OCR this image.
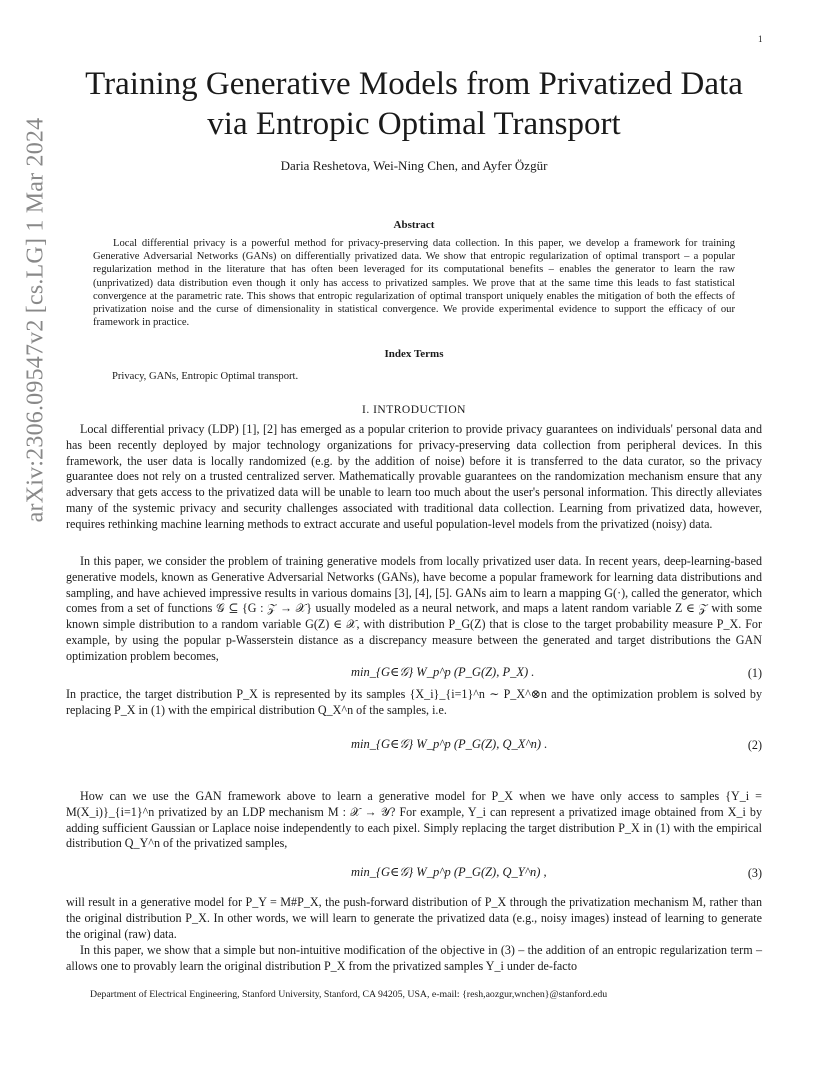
1
arXiv:2306.09547v2 [cs.LG] 1 Mar 2024
Training Generative Models from Privatized Data
via Entropic Optimal Transport
Daria Reshetova, Wei-Ning Chen, and Ayfer Özgür
Abstract
Local differential privacy is a powerful method for privacy-preserving data collection. In this paper, we develop a framework for training Generative Adversarial Networks (GANs) on differentially privatized data. We show that entropic regularization of optimal transport – a popular regularization method in the literature that has often been leveraged for its computational benefits – enables the generator to learn the raw (unprivatized) data distribution even though it only has access to privatized samples. We prove that at the same time this leads to fast statistical convergence at the parametric rate. This shows that entropic regularization of optimal transport uniquely enables the mitigation of both the effects of privatization noise and the curse of dimensionality in statistical convergence. We provide experimental evidence to support the efficacy of our framework in practice.
Index Terms
Privacy, GANs, Entropic Optimal transport.
I. INTRODUCTION
Local differential privacy (LDP) [1], [2] has emerged as a popular criterion to provide privacy guarantees on individuals' personal data and has been recently deployed by major technology organizations for privacy-preserving data collection from peripheral devices. In this framework, the user data is locally randomized (e.g. by the addition of noise) before it is transferred to the data curator, so the privacy guarantee does not rely on a trusted centralized server. Mathematically provable guarantees on the randomization mechanism ensure that any adversary that gets access to the privatized data will be unable to learn too much about the user's personal information. This directly alleviates many of the systemic privacy and security challenges associated with traditional data collection. Learning from privatized data, however, requires rethinking machine learning methods to extract accurate and useful population-level models from the privatized (noisy) data.
In this paper, we consider the problem of training generative models from locally privatized user data. In recent years, deep-learning-based generative models, known as Generative Adversarial Networks (GANs), have become a popular framework for learning data distributions and sampling, and have achieved impressive results in various domains [3], [4], [5]. GANs aim to learn a mapping G(·), called the generator, which comes from a set of functions 𝒢 ⊆ {G : 𝒵 → 𝒳} usually modeled as a neural network, and maps a latent random variable Z ∈ 𝒵 with some known simple distribution to a random variable G(Z) ∈ 𝒳, with distribution P_G(Z) that is close to the target probability measure P_X. For example, by using the popular p-Wasserstein distance as a discrepancy measure between the generated and target distributions the GAN optimization problem becomes,
min_{G∈𝒢} W_p^p (P_G(Z), P_X) .	(1)
In practice, the target distribution P_X is represented by its samples {X_i}_{i=1}^n ∼ P_X^⊗n and the optimization problem is solved by replacing P_X in (1) with the empirical distribution Q_X^n of the samples, i.e.
min_{G∈𝒢} W_p^p (P_G(Z), Q_X^n) .	(2)
How can we use the GAN framework above to learn a generative model for P_X when we have only access to samples {Y_i = M(X_i)}_{i=1}^n privatized by an LDP mechanism M : 𝒳 → 𝒴? For example, Y_i can represent a privatized image obtained from X_i by adding sufficient Gaussian or Laplace noise independently to each pixel. Simply replacing the target distribution P_X in (1) with the empirical distribution Q_Y^n of the privatized samples,
min_{G∈𝒢} W_p^p (P_G(Z), Q_Y^n) ,	(3)
will result in a generative model for P_Y = M#P_X, the push-forward distribution of P_X through the privatization mechanism M, rather than the original distribution P_X. In other words, we will learn to generate the privatized data (e.g., noisy images) instead of learning to generate the original (raw) data.
In this paper, we show that a simple but non-intuitive modification of the objective in (3) – the addition of an entropic regularization term – allows one to provably learn the original distribution P_X from the privatized samples Y_i under de-facto
Department of Electrical Engineering, Stanford University, Stanford, CA 94205, USA, e-mail: {resh,aozgur,wnchen}@stanford.edu
